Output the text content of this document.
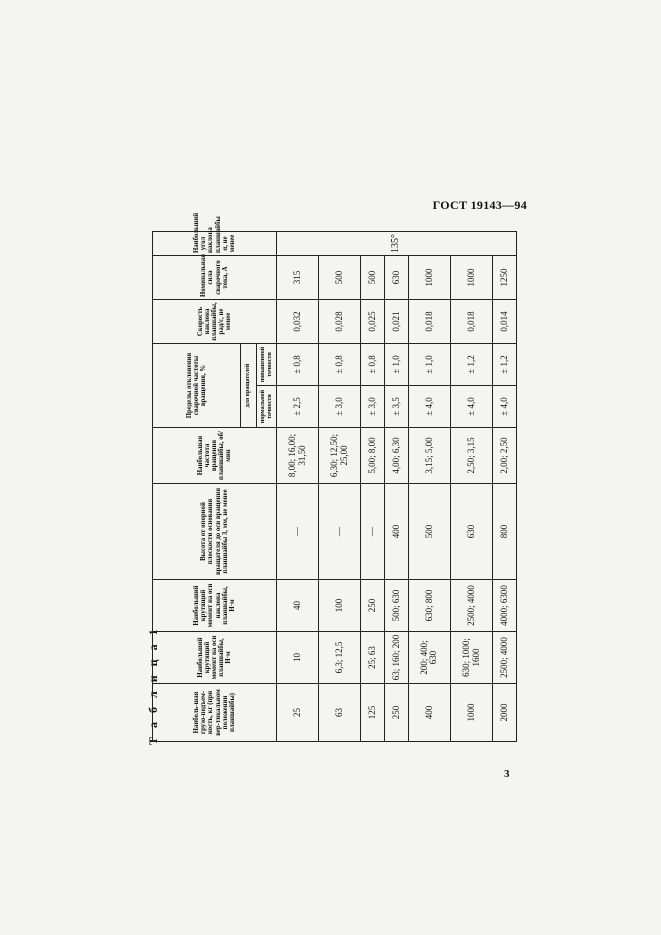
ГОСТ 19143—94
Т а б л и ц а 1	Наиболь-шая грузо-подъем-ность, кг (при вер-тикальном положении планшайбы)	Наибольший крутящий момент на оси планшайбы, Н·м	Наибольший крутящий момент на оси наклона планшайбы, Н·м	Высота от опорной плоскости основания вращателя до оси вращения планшайбы 3, мм, не менее	Наибольшая частота вращения планшайбы, об/мин	Пределы отклонения сварочной частоты вращения, %		Скорость наклона планшайбы, рад/с, не менее	Номинальная сила сварочного тока, А	Наибольший угол наклона планшайбы α, не менее
					для вращателей				
					нормальной точности	повышенной точности			
25	10	40	—	8,00; 16,00; 31,50	± 2,5	± 0,8	0,032	315	135°
63	6,3; 12,5	100	—	6,30; 12,50; 25,00	± 3,0	± 0,8	0,028	500	
125	25; 63	250	—	5,00; 8,00	± 3,0	± 0,8	0,025	500	
250	63; 160; 200	500; 630	400	4,00; 6,30	± 3,5	± 1,0	0,021	630	
400	200; 400; 630	630; 800	500	3,15; 5,00	± 4,0	± 1,0	0,018	1000	
1000	630; 1000; 1600	2500; 4000	630	2,50; 3,15	± 4,0	± 1,2	0,018	1000	
2000	2500; 4000	4000; 6300	800	2,00; 2,50	± 4,0	± 1,2	0,014	1250	
3
